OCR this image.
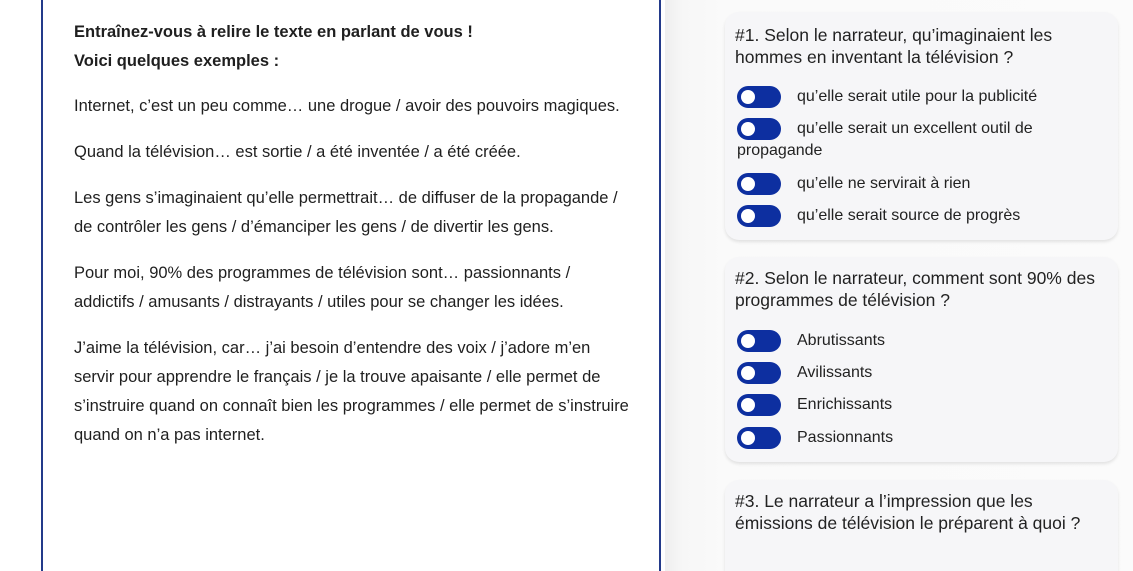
Entraînez-vous à relire le texte en parlant de vous !
Voici quelques exemples :

Internet, c’est un peu comme… une drogue / avoir des pouvoirs magiques.

Quand la télévision… est sortie / a été inventée / a été créée.

Les gens s’imaginaient qu’elle permettrait… de diffuser de la propagande / de contrôler les gens / d’émanciper les gens / de divertir les gens.

Pour moi, 90% des programmes de télévision sont… passionnants / addictifs / amusants / distrayants / utiles pour se changer les idées.

J’aime la télévision, car… j’ai besoin d’entendre des voix / j’adore m’en servir pour apprendre le français / je la trouve apaisante / elle permet de s’instruire quand on connaît bien les programmes / elle permet de s’instruire quand on n’a pas internet.

#1. Selon le narrateur, qu’imaginaient les hommes en inventant la télévision ?

qu’elle serait utile pour la publicité
qu’elle serait un excellent outil de propagande
qu’elle ne servirait à rien
qu’elle serait source de progrès

#2. Selon le narrateur, comment sont 90% des programmes de télévision ?

Abrutissants
Avilissants
Enrichissants
Passionnants

#3. Le narrateur a l’impression que les émissions de télévision le préparent à quoi ?
